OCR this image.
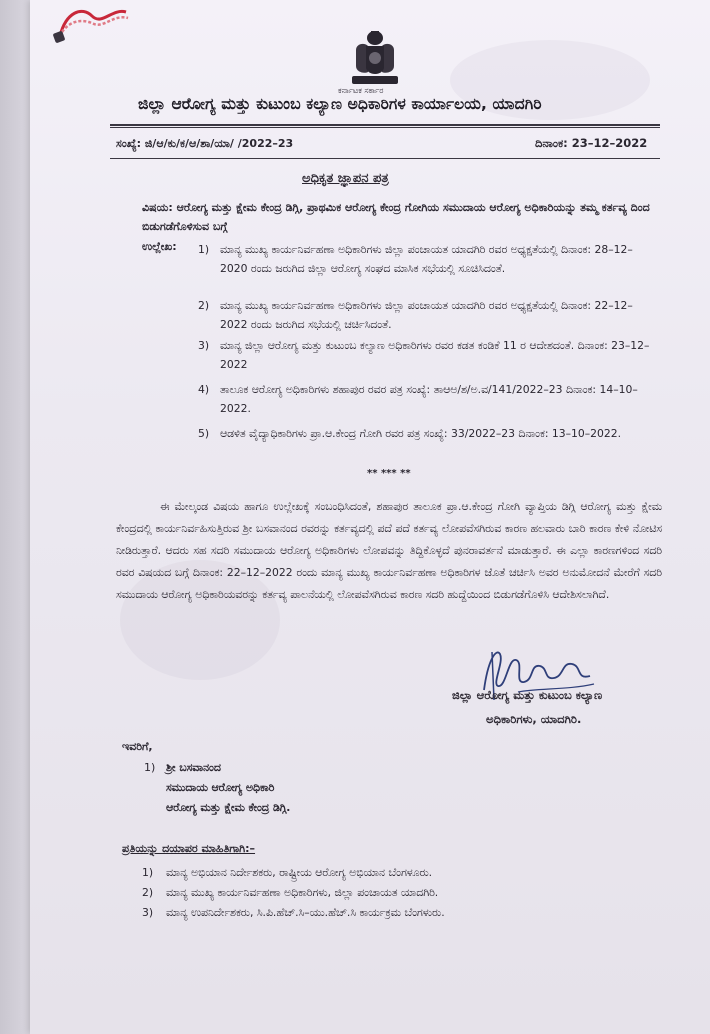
ಕರ್ನಾಟಕ ಸರ್ಕಾರ
ಜಿಲ್ಲಾ ಆರೋಗ್ಯ ಮತ್ತು ಕುಟುಂಬ ಕಲ್ಯಾಣ ಅಧಿಕಾರಿಗಳ ಕಾರ್ಯಾಲಯ, ಯಾದಗಿರಿ
ಸಂಖ್ಯೆ: ಜಿ/ಆ/ಕು/ಕ/ಆ/ಶಾ/ಯಾ/ /2022–23	ದಿನಾಂಕ: 23–12–2022
ಅಧಿಕೃತ ಜ್ಞಾಪನ ಪತ್ರ
ವಿಷಯ: ಆರೋಗ್ಯ ಮತ್ತು ಕ್ಷೇಮ ಕೇಂದ್ರ ಡಿಗ್ಗಿ, ಪ್ರಾಥಮಿಕ ಆರೋಗ್ಯ ಕೇಂದ್ರ ಗೋಗಿಯ ಸಮುದಾಯ ಆರೋಗ್ಯ ಅಧಿಕಾರಿಯನ್ನು ತಮ್ಮ ಕರ್ತವ್ಯ ದಿಂದ ಬಿಡುಗಡೆಗೊಳಿಸುವ ಬಗ್ಗೆ
ಉಲ್ಲೇಖ: 1) ಮಾನ್ಯ ಮುಖ್ಯ ಕಾರ್ಯನಿರ್ವಹಣಾ ಅಧಿಕಾರಿಗಳು ಜಿಲ್ಲಾ ಪಂಚಾಯತ ಯಾದಗಿರಿ ರವರ ಅಧ್ಯಕ್ಷತೆಯಲ್ಲಿ ದಿನಾಂಕ: 28–12–2020 ರಂದು ಜರುಗಿದ ಜಿಲ್ಲಾ ಆರೋಗ್ಯ ಸಂಘದ ಮಾಸಿಕ ಸಭೆಯಲ್ಲಿ ಸೂಚಿಸಿದಂತೆ.
2) ಮಾನ್ಯ ಮುಖ್ಯ ಕಾರ್ಯನಿರ್ವಹಣಾ ಅಧಿಕಾರಿಗಳು ಜಿಲ್ಲಾ ಪಂಚಾಯತ ಯಾದಗಿರಿ ರವರ ಅಧ್ಯಕ್ಷತೆಯಲ್ಲಿ ದಿನಾಂಕ: 22–12–2022 ರಂದು ಜರುಗಿದ ಸಭೆಯಲ್ಲಿ ಚರ್ಚಿಸಿದಂತೆ.
3) ಮಾನ್ಯ ಜಿಲ್ಲಾ ಆರೋಗ್ಯ ಮತ್ತು ಕುಟುಂಬ ಕಲ್ಯಾಣ ಅಧಿಕಾರಿಗಳು ರವರ ಕಡತ ಕಂಡಿಕೆ 11 ರ ಆದೇಶದಂತೆ. ದಿನಾಂಕ: 23–12–2022
4) ತಾಲೂಕ ಆರೋಗ್ಯ ಅಧಿಕಾರಿಗಳು ಶಹಾಪುರ ರವರ ಪತ್ರ ಸಂಖ್ಯೆ: ತಾಆಅ/ಶ/ಅ.ವ/141/2022–23 ದಿನಾಂಕ: 14–10–2022.
5) ಆಡಳಿತ ವೈದ್ಯಾಧಿಕಾರಿಗಳು ಪ್ರಾ.ಆ.ಕೇಂದ್ರ ಗೋಗಿ ರವರ ಪತ್ರ ಸಂಖ್ಯೆ: 33/2022–23 ದಿನಾಂಕ: 13–10–2022.
** *** **
ಈ ಮೇಲ್ಕಂಡ ವಿಷಯ ಹಾಗೂ ಉಲ್ಲೇಖಕ್ಕೆ ಸಂಬಂಧಿಸಿದಂತೆ, ಶಹಾಪುರ ತಾಲೂಕ ಪ್ರಾ.ಆ.ಕೇಂದ್ರ ಗೋಗಿ ವ್ಯಾಪ್ತಿಯ ಡಿಗ್ಗಿ ಆರೋಗ್ಯ ಮತ್ತು ಕ್ಷೇಮ ಕೇಂದ್ರದಲ್ಲಿ ಕಾರ್ಯನಿರ್ವಹಿಸುತ್ತಿರುವ ಶ್ರೀ ಬಸವಾನಂದ ರವರನ್ನು ಕರ್ತವ್ಯದಲ್ಲಿ ಪದೆ ಪದೆ ಕರ್ತವ್ಯ ಲೋಪವೆಸಗಿರುವ ಕಾರಣ ಹಲವಾರು ಬಾರಿ ಕಾರಣ ಕೇಳಿ ನೋಟಿಸ ನೀಡಿರುತ್ತಾರೆ. ಆದರು ಸಹ ಸದರಿ ಸಮುದಾಯ ಆರೋಗ್ಯ ಅಧಿಕಾರಿಗಳು ಲೋಪವನ್ನು ತಿದ್ದಿಕೊಳ್ಳದೆ ಪುನರಾವರ್ತನೆ ಮಾಡುತ್ತಾರೆ. ಈ ಎಲ್ಲಾ ಕಾರಣಗಳಿಂದ ಸದರಿ ರವರ ವಿಷಯದ ಬಗ್ಗೆ ದಿನಾಂಕ: 22–12–2022 ರಂದು ಮಾನ್ಯ ಮುಖ್ಯ ಕಾರ್ಯನಿರ್ವಹಣಾ ಅಧಿಕಾರಿಗಳ ಜೊತೆ ಚರ್ಚಿಸಿ ಅವರ ಅನುಮೋದನೆ ಮೇರೆಗೆ ಸದರಿ ಸಮುದಾಯ ಆರೋಗ್ಯ ಅಧಿಕಾರಿಯವರನ್ನು ಕರ್ತವ್ಯ ಪಾಲನೆಯಲ್ಲಿ ಲೋಪವೆಸಗಿರುವ ಕಾರಣ ಸದರಿ ಹುದ್ದೆಯಿಂದ ಬಿಡುಗಡೆಗೊಳಿಸಿ ಆದೇಶಿಸಲಾಗಿದೆ.
ಜಿಲ್ಲಾ ಆರೋಗ್ಯ ಮತ್ತು ಕುಟುಂಬ ಕಲ್ಯಾಣ
ಅಧಿಕಾರಿಗಳು, ಯಾದಗಿರಿ.
ಇವರಿಗೆ,
1) ಶ್ರೀ ಬಸವಾನಂದ
ಸಮುದಾಯ ಆರೋಗ್ಯ ಅಧಿಕಾರಿ
ಆರೋಗ್ಯ ಮತ್ತು ಕ್ಷೇಮ ಕೇಂದ್ರ ಡಿಗ್ಗಿ.
ಪ್ರತಿಯನ್ನು ದಯಾಪರ ಮಾಹಿತಿಗಾಗಿ:–
1) ಮಾನ್ಯ ಅಭಿಯಾನ ನಿರ್ದೇಶಕರು, ರಾಷ್ಟ್ರೀಯ ಆರೋಗ್ಯ ಅಭಿಯಾನ ಬೆಂಗಳೂರು.
2) ಮಾನ್ಯ ಮುಖ್ಯ ಕಾರ್ಯನಿರ್ವಹಣಾ ಅಧಿಕಾರಿಗಳು, ಜಿಲ್ಲಾ ಪಂಚಾಯತ ಯಾದಗಿರಿ.
3) ಮಾನ್ಯ ಉಪನಿರ್ದೇಶಕರು, ಸಿ.ಪಿ.ಹೆಚ್.ಸಿ–ಯು.ಹೆಚ್.ಸಿ ಕಾರ್ಯಕ್ರಮ ಬೆಂಗಳುರು.
